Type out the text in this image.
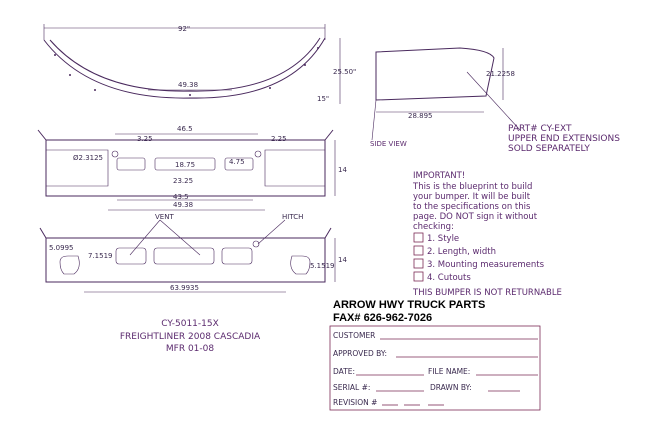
92"
49.38
25.50"
15"
28.895
21.2258
SIDE VIEW
PART# CY-EXT
UPPER END EXTENSIONS
SOLD SEPARATELY
46.5
2.25
3.25
Ø2.3125
18.75	4.75
23.25
43.5
49.38
14
VENT	HITCH
5.0995
7.1519
5.1519
14
63.9935
CY-5011-15X
FREIGHTLINER 2008 CASCADIA
MFR 01-08
IMPORTANT!
This is the blueprint to build
your bumper. It will be built
to the specifications on this
page. DO NOT sign it without
checking:
1. Style
2. Length, width
3. Mounting measurements
4. Cutouts
THIS BUMPER IS NOT RETURNABLE
ARROW HWY TRUCK PARTS
FAX# 626-962-7026
CUSTOMER
APPROVED BY:
DATE:	FILE NAME:
SERIAL #:	DRAWN BY:
REVISION #
